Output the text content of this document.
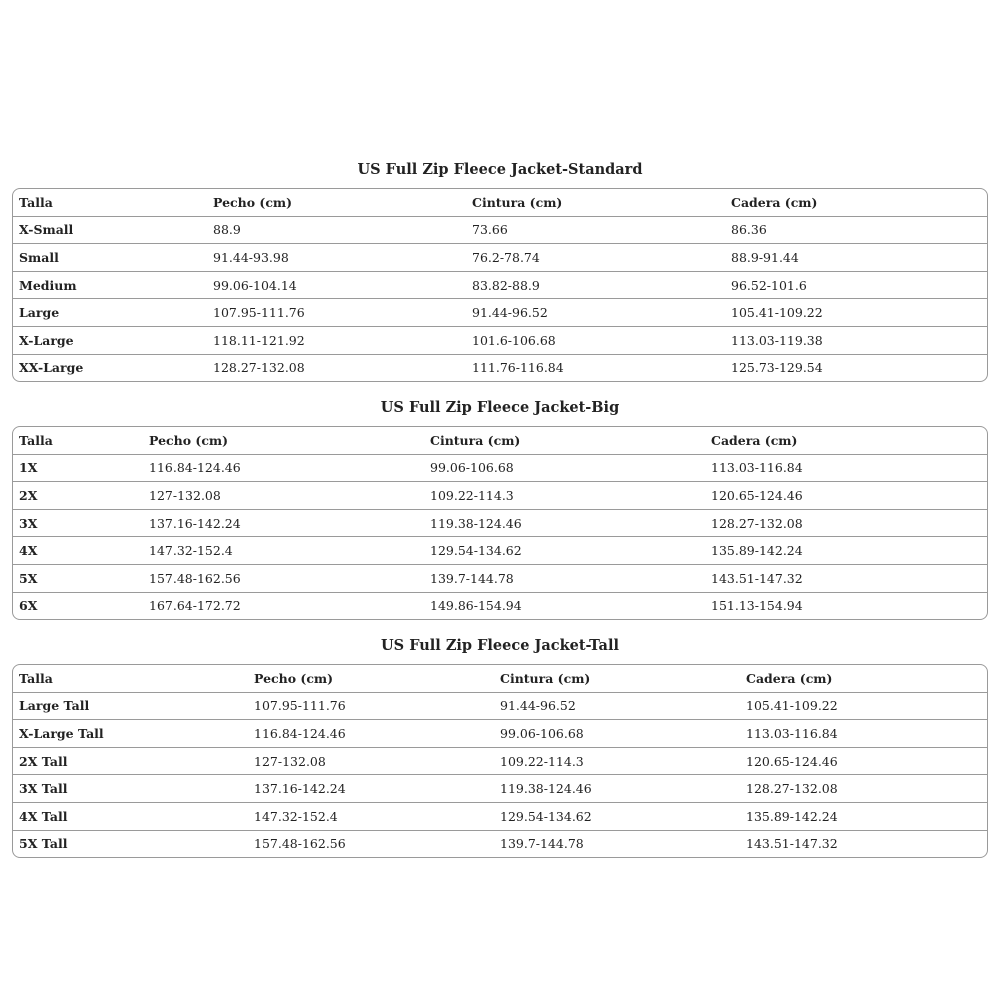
US Full Zip Fleece Jacket-Standard
Talla	Pecho (cm)	Cintura (cm)	Cadera (cm)
X-Small	88.9	73.66	86.36
Small	91.44-93.98	76.2-78.74	88.9-91.44
Medium	99.06-104.14	83.82-88.9	96.52-101.6
Large	107.95-111.76	91.44-96.52	105.41-109.22
X-Large	118.11-121.92	101.6-106.68	113.03-119.38
XX-Large	128.27-132.08	111.76-116.84	125.73-129.54
US Full Zip Fleece Jacket-Big
Talla	Pecho (cm)	Cintura (cm)	Cadera (cm)
1X	116.84-124.46	99.06-106.68	113.03-116.84
2X	127-132.08	109.22-114.3	120.65-124.46
3X	137.16-142.24	119.38-124.46	128.27-132.08
4X	147.32-152.4	129.54-134.62	135.89-142.24
5X	157.48-162.56	139.7-144.78	143.51-147.32
6X	167.64-172.72	149.86-154.94	151.13-154.94
US Full Zip Fleece Jacket-Tall
Talla	Pecho (cm)	Cintura (cm)	Cadera (cm)
Large Tall	107.95-111.76	91.44-96.52	105.41-109.22
X-Large Tall	116.84-124.46	99.06-106.68	113.03-116.84
2X Tall	127-132.08	109.22-114.3	120.65-124.46
3X Tall	137.16-142.24	119.38-124.46	128.27-132.08
4X Tall	147.32-152.4	129.54-134.62	135.89-142.24
5X Tall	157.48-162.56	139.7-144.78	143.51-147.32
